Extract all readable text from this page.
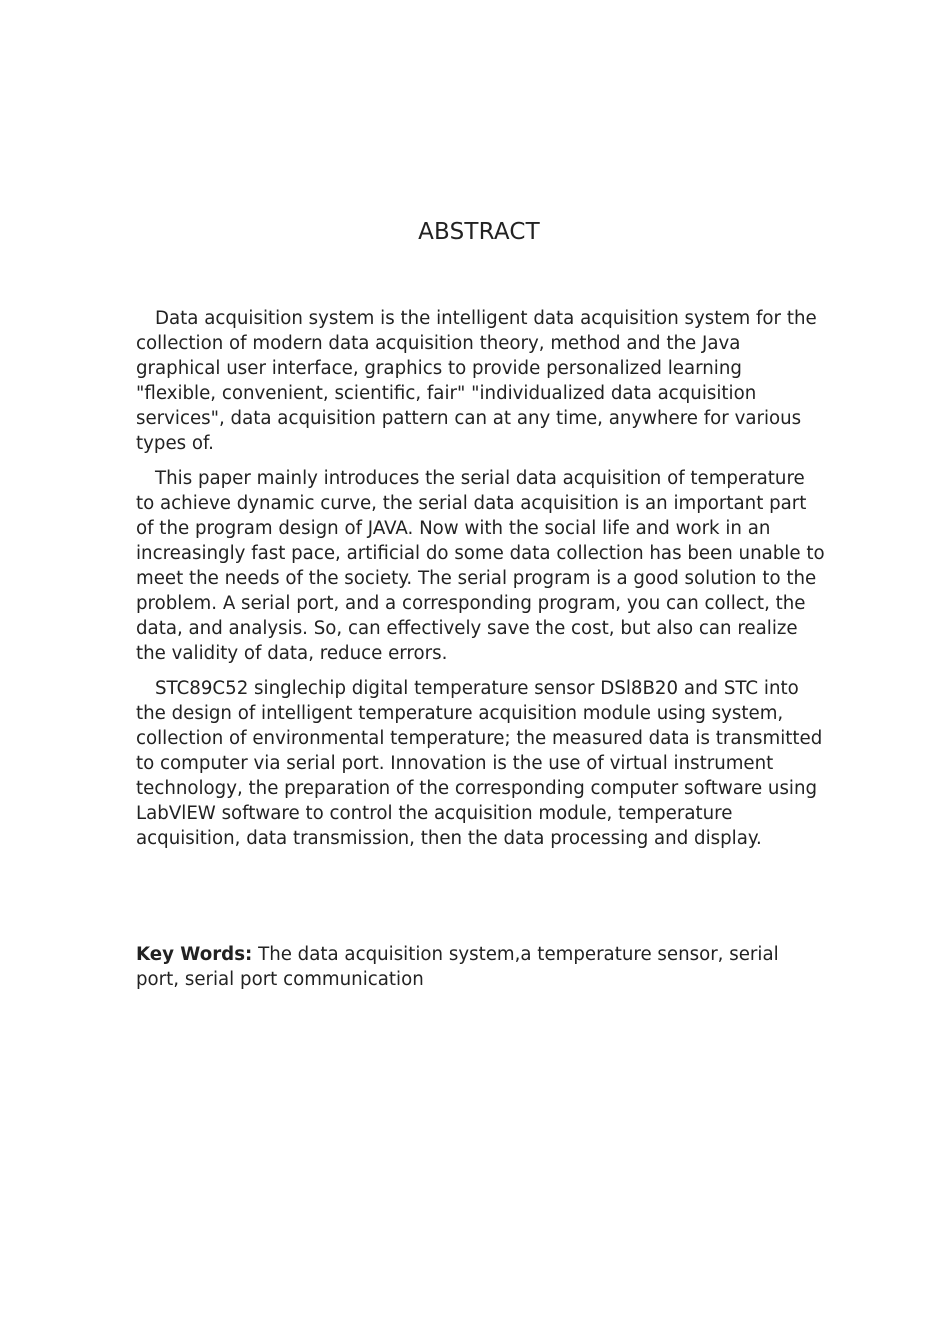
ABSTRACT

Data acquisition system is the intelligent data acquisition system for the collection of modern data acquisition theory, method and the Java graphical user interface, graphics to provide personalized learning "flexible, convenient, scientific, fair" "individualized data acquisition services", data acquisition pattern can at any time, anywhere for various types of.

This paper mainly introduces the serial data acquisition of temperature to achieve dynamic curve, the serial data acquisition is an important part of the program design of JAVA. Now with the social life and work in an increasingly fast pace, artificial do some data collection has been unable to meet the needs of the society. The serial program is a good solution to the problem. A serial port, and a corresponding program, you can collect, the data, and analysis. So, can effectively save the cost, but also can realize the validity of data, reduce errors.

STC89C52 singlechip digital temperature sensor DSl8B20 and STC into the design of intelligent temperature acquisition module using system, collection of environmental temperature; the measured data is transmitted to computer via serial port. Innovation is the use of virtual instrument technology, the preparation of the corresponding computer software using LabVlEW software to control the acquisition module, temperature acquisition, data transmission, then the data processing and display.

Key Words: The data acquisition system,a temperature sensor, serial port, serial port communication
